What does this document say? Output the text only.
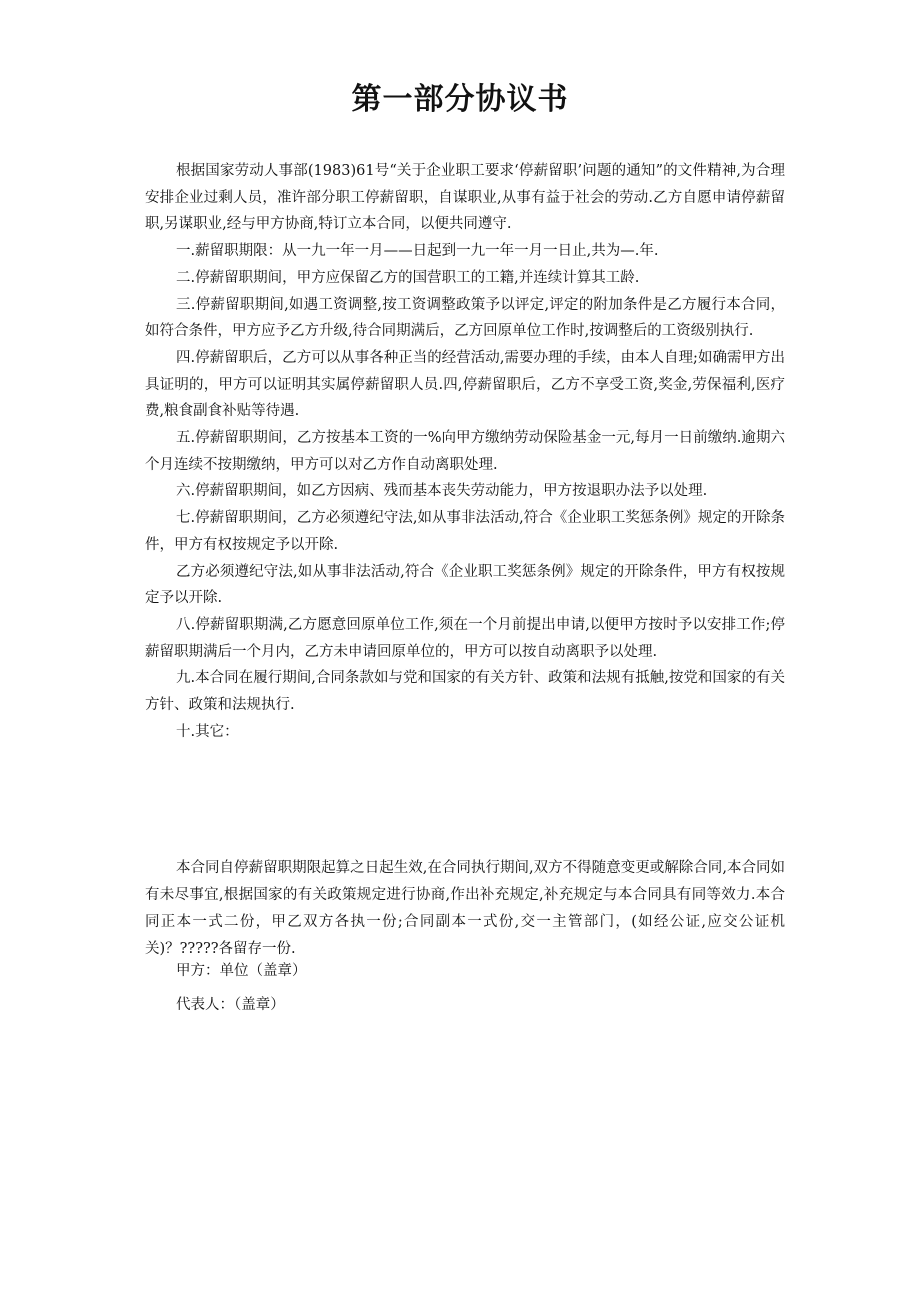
第一部分协议书

根据国家劳动人事部(1983)61号“关于企业职工要求‘停薪留职’问题的通知”的文件精神,为合理安排企业过剩人员，准许部分职工停薪留职，自谋职业,从事有益于社会的劳动.乙方自愿申请停薪留职,另谋职业,经与甲方协商,特订立本合同，以便共同遵守.

一.薪留职期限：从一九一年一月——日起到一九一年一月一日止,共为—.年.

二.停薪留职期间，甲方应保留乙方的国营职工的工籍,并连续计算其工龄.

三.停薪留职期间,如遇工资调整,按工资调整政策予以评定,评定的附加条件是乙方履行本合同，如符合条件，甲方应予乙方升级,待合同期满后，乙方回原单位工作时,按调整后的工资级别执行.

四.停薪留职后，乙方可以从事各种正当的经营活动,需要办理的手续，由本人自理;如确需甲方出具证明的，甲方可以证明其实属停薪留职人员.四,停薪留职后，乙方不享受工资,奖金,劳保福利,医疗费,粮食副食补贴等待遇.

五.停薪留职期间，乙方按基本工资的一%向甲方缴纳劳动保险基金一元,每月一日前缴纳.逾期六个月连续不按期缴纳，甲方可以对乙方作自动离职处理.

六.停薪留职期间，如乙方因病、残而基本丧失劳动能力，甲方按退职办法予以处理.

七.停薪留职期间，乙方必须遵纪守法,如从事非法活动,符合《企业职工奖惩条例》规定的开除条件，甲方有权按规定予以开除.

乙方必须遵纪守法,如从事非法活动,符合《企业职工奖惩条例》规定的开除条件，甲方有权按规定予以开除.

八.停薪留职期满,乙方愿意回原单位工作,须在一个月前提出申请,以便甲方按时予以安排工作;停薪留职期满后一个月内，乙方未申请回原单位的，甲方可以按自动离职予以处理.

九.本合同在履行期间,合同条款如与党和国家的有关方针、政策和法规有抵触,按党和国家的有关方针、政策和法规执行.

十.其它：

本合同自停薪留职期限起算之日起生效,在合同执行期间,双方不得随意变更或解除合同,本合同如有未尽事宜,根据国家的有关政策规定进行协商,作出补充规定,补充规定与本合同具有同等效力.本合同正本一式二份，甲乙双方各执一份;合同副本一式份,交一主管部门，(如经公证,应交公证机关)？?????各留存一份.

甲方：单位（盖章）

代表人：（盖章）
